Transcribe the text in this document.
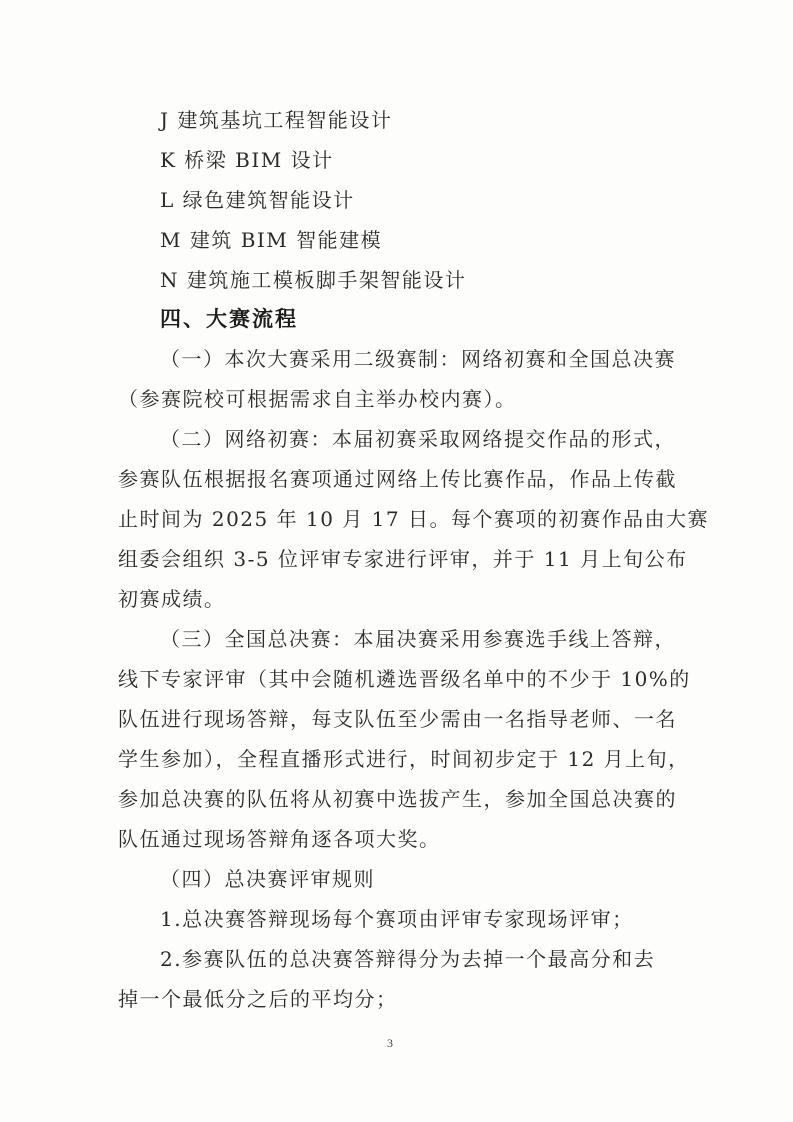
J 建筑基坑工程智能设计
K 桥梁 BIM 设计
L 绿色建筑智能设计
M 建筑 BIM 智能建模
N 建筑施工模板脚手架智能设计
四、大赛流程
（一）本次大赛采用二级赛制：网络初赛和全国总决赛
（参赛院校可根据需求自主举办校内赛）。
（二）网络初赛：本届初赛采取网络提交作品的形式，
参赛队伍根据报名赛项通过网络上传比赛作品，作品上传截
止时间为 2025 年 10 月 17 日。每个赛项的初赛作品由大赛
组委会组织 3-5 位评审专家进行评审，并于 11 月上旬公布
初赛成绩。
（三）全国总决赛：本届决赛采用参赛选手线上答辩，
线下专家评审（其中会随机遴选晋级名单中的不少于 10%的
队伍进行现场答辩，每支队伍至少需由一名指导老师、一名
学生参加），全程直播形式进行，时间初步定于 12 月上旬，
参加总决赛的队伍将从初赛中选拔产生，参加全国总决赛的
队伍通过现场答辩角逐各项大奖。
（四）总决赛评审规则
1.总决赛答辩现场每个赛项由评审专家现场评审；
2.参赛队伍的总决赛答辩得分为去掉一个最高分和去
掉一个最低分之后的平均分；
3
